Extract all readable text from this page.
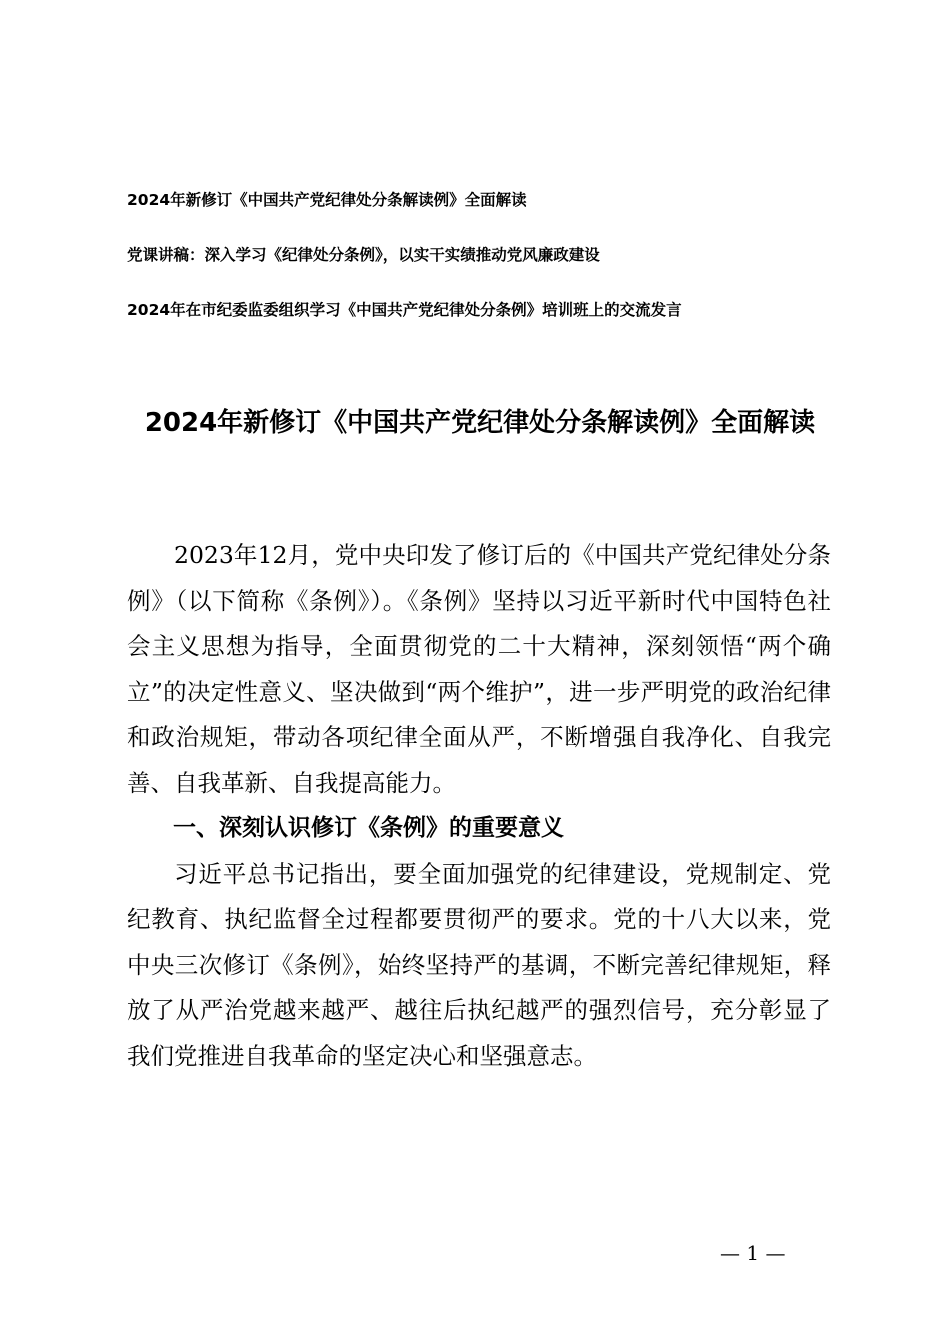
2024年新修订《中国共产党纪律处分条解读例》全面解读
党课讲稿：深入学习《纪律处分条例》，以实干实绩推动党风廉政建设
2024年在市纪委监委组织学习《中国共产党纪律处分条例》培训班上的交流发言
2024年新修订《中国共产党纪律处分条解读例》全面解读

2023年12月，党中央印发了修订后的《中国共产党纪律处分条例》（以下简称《条例》）。《条例》坚持以习近平新时代中国特色社会主义思想为指导，全面贯彻党的二十大精神，深刻领悟“两个确立”的决定性意义、坚决做到“两个维护”，进一步严明党的政治纪律和政治规矩，带动各项纪律全面从严，不断增强自我净化、自我完善、自我革新、自我提高能力。

一、深刻认识修订《条例》的重要意义

习近平总书记指出，要全面加强党的纪律建设，党规制定、党纪教育、执纪监督全过程都要贯彻严的要求。党的十八大以来，党中央三次修订《条例》，始终坚持严的基调，不断完善纪律规矩，释放了从严治党越来越严、越往后执纪越严的强烈信号，充分彰显了我们党推进自我革命的坚定决心和坚强意志。

— 1 —
